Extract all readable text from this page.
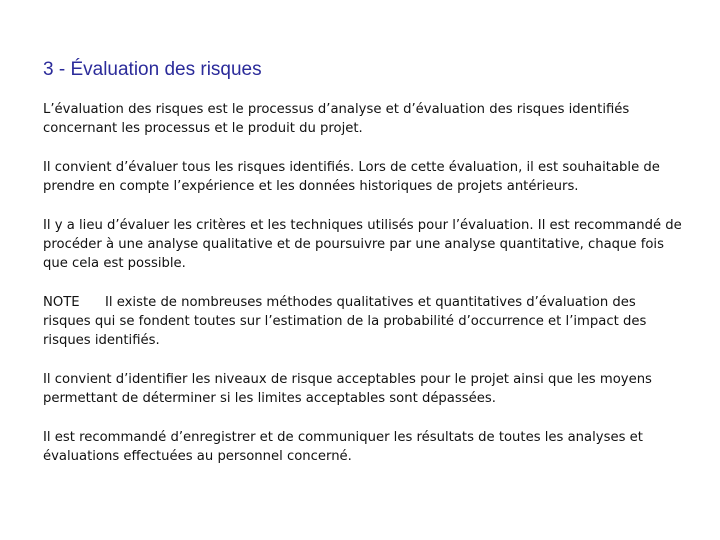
3 - Évaluation des risques

L’évaluation des risques est le processus d’analyse et d’évaluation des risques identifiés concernant les processus et le produit du projet.

Il convient d’évaluer tous les risques identifiés. Lors de cette évaluation, il est souhaitable de prendre en compte l’expérience et les données historiques de projets antérieurs.

Il y a lieu d’évaluer les critères et les techniques utilisés pour l’évaluation. Il est recommandé de procéder à une analyse qualitative et de poursuivre par une analyse quantitative, chaque fois que cela est possible.

NOTE Il existe de nombreuses méthodes qualitatives et quantitatives d’évaluation des risques qui se fondent toutes sur l’estimation de la probabilité d’occurrence et l’impact des risques identifiés.

Il convient d’identifier les niveaux de risque acceptables pour le projet ainsi que les moyens permettant de déterminer si les limites acceptables sont dépassées.

Il est recommandé d’enregistrer et de communiquer les résultats de toutes les analyses et évaluations effectuées au personnel concerné.
